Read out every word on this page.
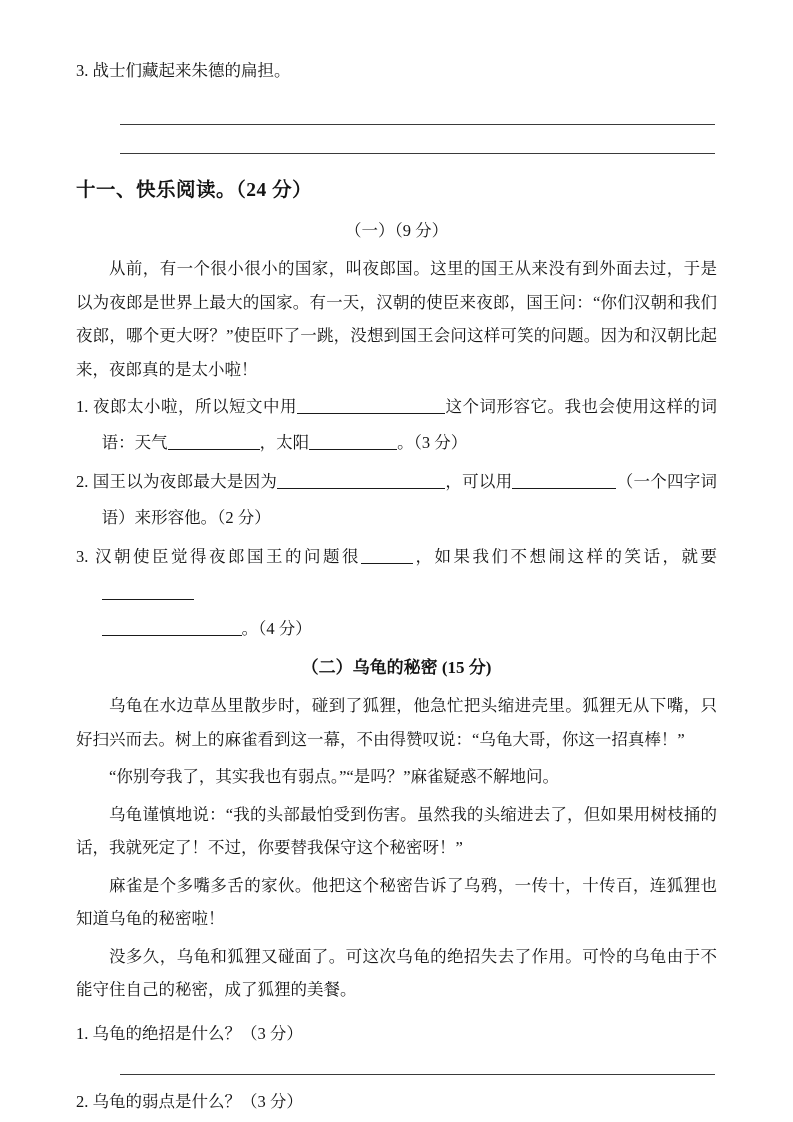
3. 战士们藏起来朱德的扁担。
十一、快乐阅读。（24 分）
（一）（9 分）

从前，有一个很小很小的国家，叫夜郎国。这里的国王从来没有到外面去过，于是以为夜郎是世界上最大的国家。有一天，汉朝的使臣来夜郎，国王问：“你们汉朝和我们夜郎，哪个更大呀？”使臣吓了一跳，没想到国王会问这样可笑的问题。因为和汉朝比起来，夜郎真的是太小啦！

1. 夜郎太小啦，所以短文中用	这个词形容它。我也会使用这样的词语：天气	，太阳	。（3 分）
2. 国王以为夜郎最大是因为	，可以用	（一个四字词语）来形容他。（2 分）
3. 汉朝使臣觉得夜郎国王的问题很	，如果我们不想闹这样的笑话，就要
。（4 分）
（二）乌龟的秘密 (15 分)

乌龟在水边草丛里散步时，碰到了狐狸，他急忙把头缩进壳里。狐狸无从下嘴，只好扫兴而去。树上的麻雀看到这一幕，不由得赞叹说：“乌龟大哥，你这一招真棒！”

“你别夸我了，其实我也有弱点。”“是吗？”麻雀疑惑不解地问。

乌龟谨慎地说：“我的头部最怕受到伤害。虽然我的头缩进去了，但如果用树枝捅的话，我就死定了！不过，你要替我保守这个秘密呀！”

麻雀是个多嘴多舌的家伙。他把这个秘密告诉了乌鸦，一传十，十传百，连狐狸也知道乌龟的秘密啦！

没多久，乌龟和狐狸又碰面了。可这次乌龟的绝招失去了作用。可怜的乌龟由于不能守住自己的秘密，成了狐狸的美餐。

1. 乌龟的绝招是什么？（3 分）
2. 乌龟的弱点是什么？（3 分）
